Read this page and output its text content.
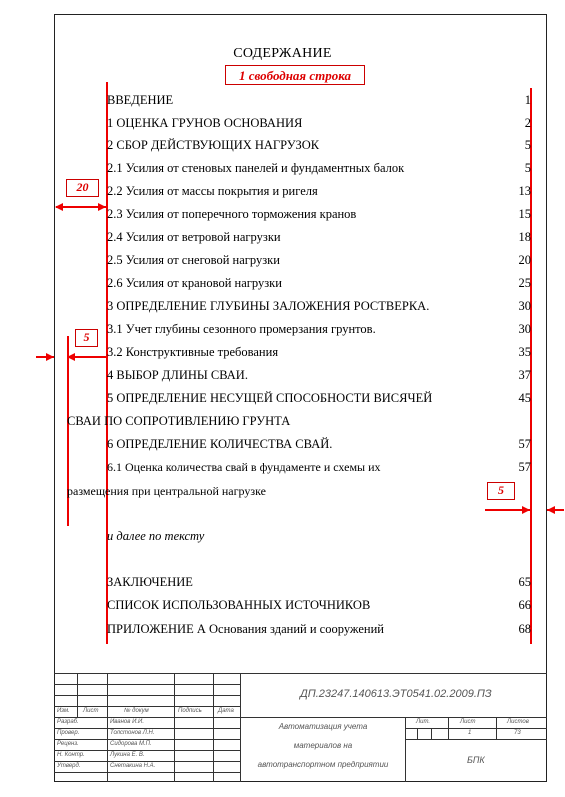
СОДЕРЖАНИЕ
1 свободная строка
20
5
5
ВВЕДЕНИЕ	1
1 ОЦЕНКА ГРУНОВ ОСНОВАНИЯ	2
2 СБОР ДЕЙСТВУЮЩИХ НАГРУЗОК	5
2.1 Усилия от стеновых панелей и фундаментных балок	5
2.2 Усилия от массы покрытия и ригеля	13
2.3 Усилия от поперечного торможения кранов	15
2.4 Усилия от ветровой нагрузки	18
2.5 Усилия от снеговой нагрузки	20
2.6 Усилия от крановой нагрузки	25
3 ОПРЕДЕЛЕНИЕ ГЛУБИНЫ ЗАЛОЖЕНИЯ РОСТВЕРКА.	30
3.1 Учет глубины сезонного промерзания грунтов.	30
3.2 Конструктивные требования	35
4 ВЫБОР ДЛИНЫ СВАИ.	37
5 ОПРЕДЕЛЕНИЕ НЕСУЩЕЙ СПОСОБНОСТИ ВИСЯЧЕЙ	45
СВАИ ПО СОПРОТИВЛЕНИЮ ГРУНТА
6 ОПРЕДЕЛЕНИЕ КОЛИЧЕСТВА СВАЙ.	57
6.1 Оценка количества свай в фундаменте и схемы их	57
размещения при центральной нагрузке
и далее по тексту
ЗАКЛЮЧЕНИЕ	65
СПИСОК ИСПОЛЬЗОВАННЫХ ИСТОЧНИКОВ	66
ПРИЛОЖЕНИЕ А Основания зданий и сооружений	68
ДП.23247.140613.ЭТ0541.02.2009.ПЗ
Изм. Лист	№ докум	Подпись	Дата
Разраб.
Провер.
Реценз.
Н. Контр.
Утверд.
Иванов И.И.
Толстонов Л.Н.
Сидорова М.П.
Лукина Е. В.
Снетакина Н.А.
Автоматизация учета
материалов на
автотранспортном предприятии
Лит.	Лист	Листов
1	73
БПК
